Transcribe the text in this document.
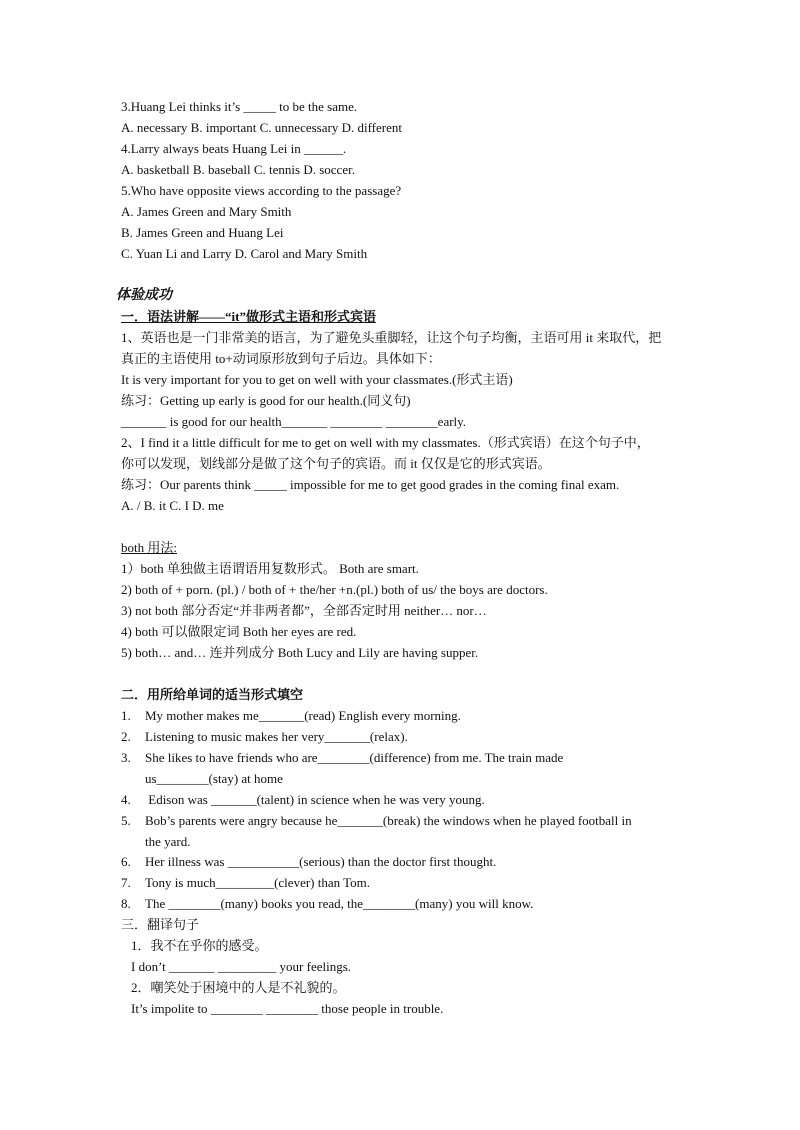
3.Huang Lei thinks it’s _____ to be the same.
A. necessary B. important C. unnecessary D. different
4.Larry always beats Huang Lei in ______.
A. basketball B. baseball C. tennis D. soccer.
5.Who have opposite views according to the passage?
A. James Green and Mary Smith
B. James Green and Huang Lei
C. Yuan Li and Larry D. Carol and Mary Smith
体验成功
一．语法讲解——“it”做形式主语和形式宾语
1、英语也是一门非常美的语言，为了避免头重脚轻，让这个句子均衡，主语可用 it 来取代，把
真正的主语使用 to+动词原形放到句子后边。具体如下：
It is very important for you to get on well with your classmates.(形式主语)
练习：Getting up early is good for our health.(同义句)
_______ is good for our health_______ ________ ________early.
2、I find it a little difficult for me to get on well with my classmates.（形式宾语）在这个句子中，
你可以发现，划线部分是做了这个句子的宾语。而 it 仅仅是它的形式宾语。
练习：Our parents think _____ impossible for me to get good grades in the coming final exam.
A. / B. it C. I D. me
both 用法:
1）both 单独做主语谓语用复数形式。 Both are smart.
2) both of + porn. (pl.) / both of + the/her +n.(pl.) both of us/ the boys are doctors.
3) not both 部分否定“并非两者都”，全部否定时用 neither… nor…
4) both 可以做限定词 Both her eyes are red.
5) both… and… 连并列成分 Both Lucy and Lily are having supper.
二．用所给单词的适当形式填空
1. My mother makes me_______(read) English every morning.
2. Listening to music makes her very_______(relax).
3. She likes to have friends who are________(difference) from me. The train made
us________(stay) at home
4. Edison was _______(talent) in science when he was very young.
5. Bob’s parents were angry because he_______(break) the windows when he played football in
the yard.
6. Her illness was ___________(serious) than the doctor first thought.
7. Tony is much_________(clever) than Tom.
8. The ________(many) books you read, the________(many) you will know.
三．翻译句子
1．我不在乎你的感受。
I don’t _______ _________ your feelings.
2．嘲笑处于困境中的人是不礼貌的。
It’s impolite to ________ ________ those people in trouble.
